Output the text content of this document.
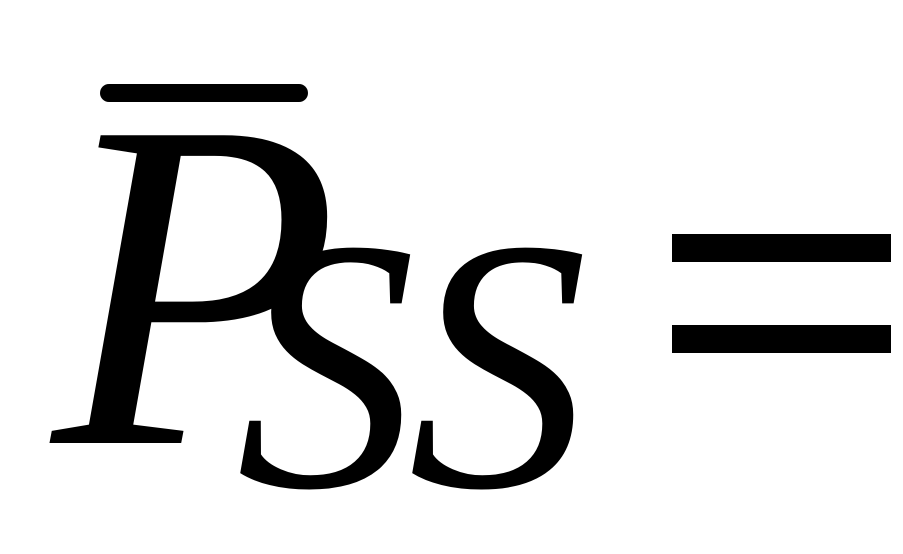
P
SS
